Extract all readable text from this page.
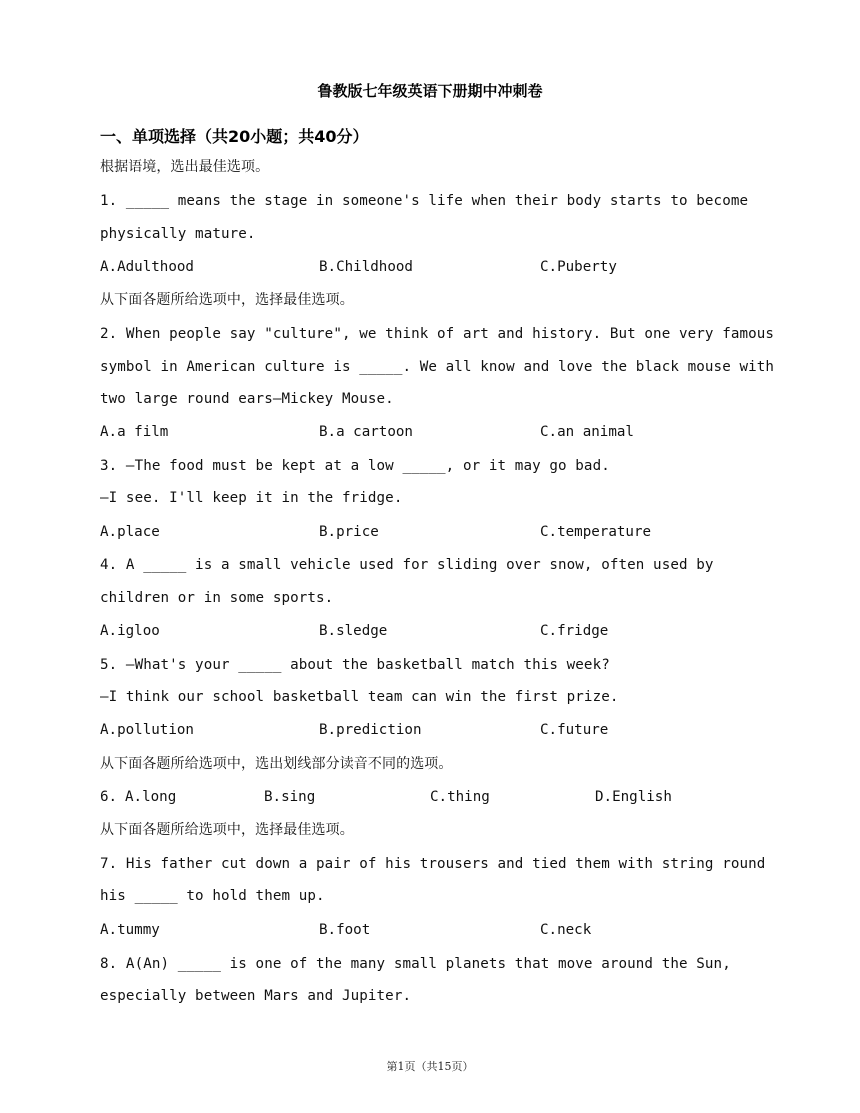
鲁教版七年级英语下册期中冲刺卷
一、单项选择（共20小题；共40分）
根据语境，选出最佳选项。
1. _____ means the stage in someone's life when their body starts to become
physically mature.
A.Adulthood	B.Childhood	C.Puberty
从下面各题所给选项中，选择最佳选项。
2. When people say "culture", we think of art and history. But one very famous
symbol in American culture is _____. We all know and love the black mouse with
two large round ears—Mickey Mouse.
A.a film	B.a cartoon	C.an animal
3. —The food must be kept at a low _____, or it may go bad.
—I see. I'll keep it in the fridge.
A.place	B.price	C.temperature
4. A _____ is a small vehicle used for sliding over snow, often used by
children or in some sports.
A.igloo	B.sledge	C.fridge
5. —What's your _____ about the basketball match this week?
—I think our school basketball team can win the first prize.
A.pollution	B.prediction	C.future
从下面各题所给选项中，选出划线部分读音不同的选项。
6. A.long	B.sing	C.thing	D.English
从下面各题所给选项中，选择最佳选项。
7. His father cut down a pair of his trousers and tied them with string round
his _____ to hold them up.
A.tummy	B.foot	C.neck
8. A(An) _____ is one of the many small planets that move around the Sun,
especially between Mars and Jupiter.
第1页（共15页）
